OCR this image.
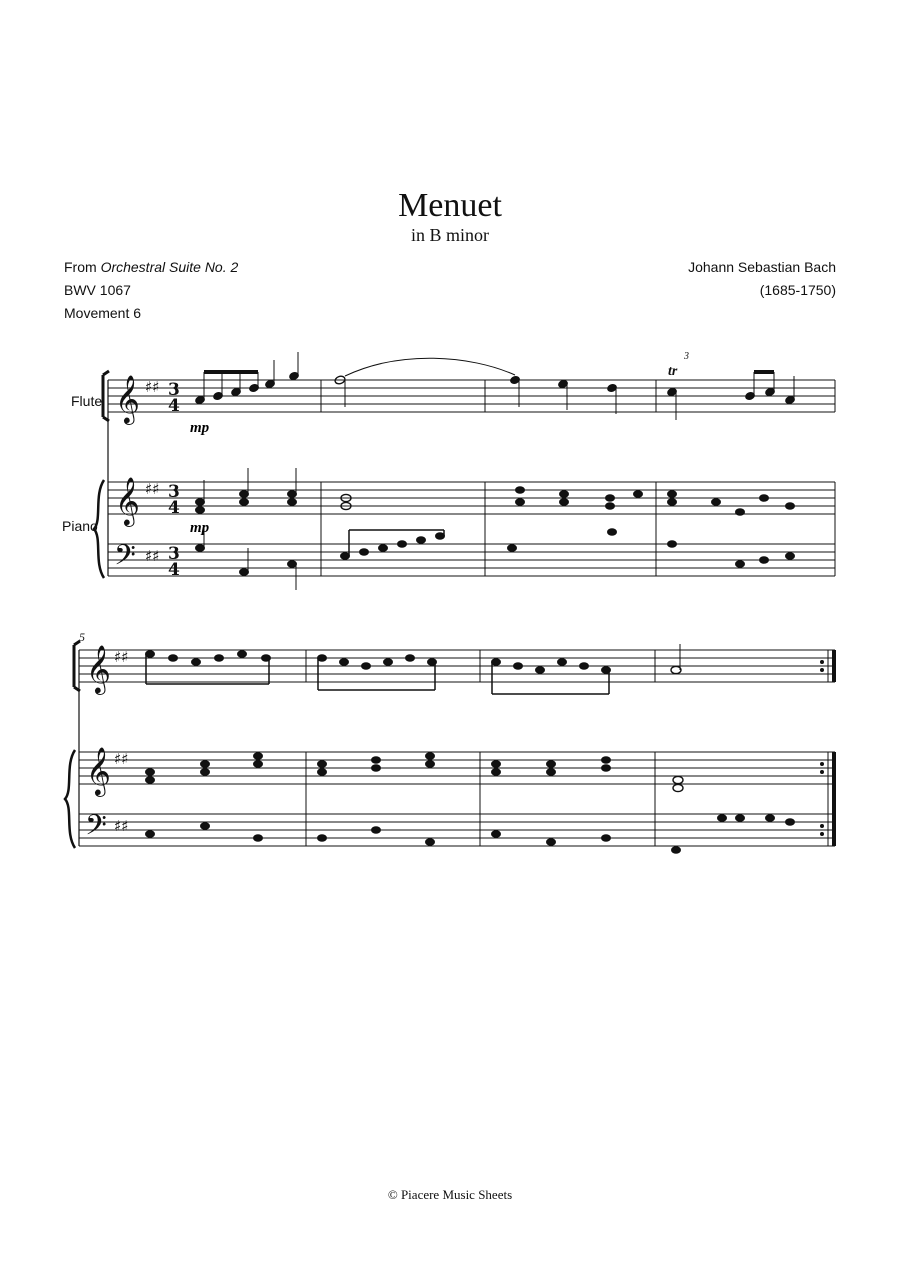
Menuet
in B minor
From Orchestral Suite No. 2
BWV 1067
Movement 6
Johann Sebastian Bach
(1685-1750)
Flute
Piano
𝄞
𝄞
𝄢
♯♯
♯♯
♯♯
3
4
3
4
3
4
mp
mp
tr
3
5
𝄞
𝄞
𝄢
♯♯
♯♯
♯♯
© Piacere Music Sheets
